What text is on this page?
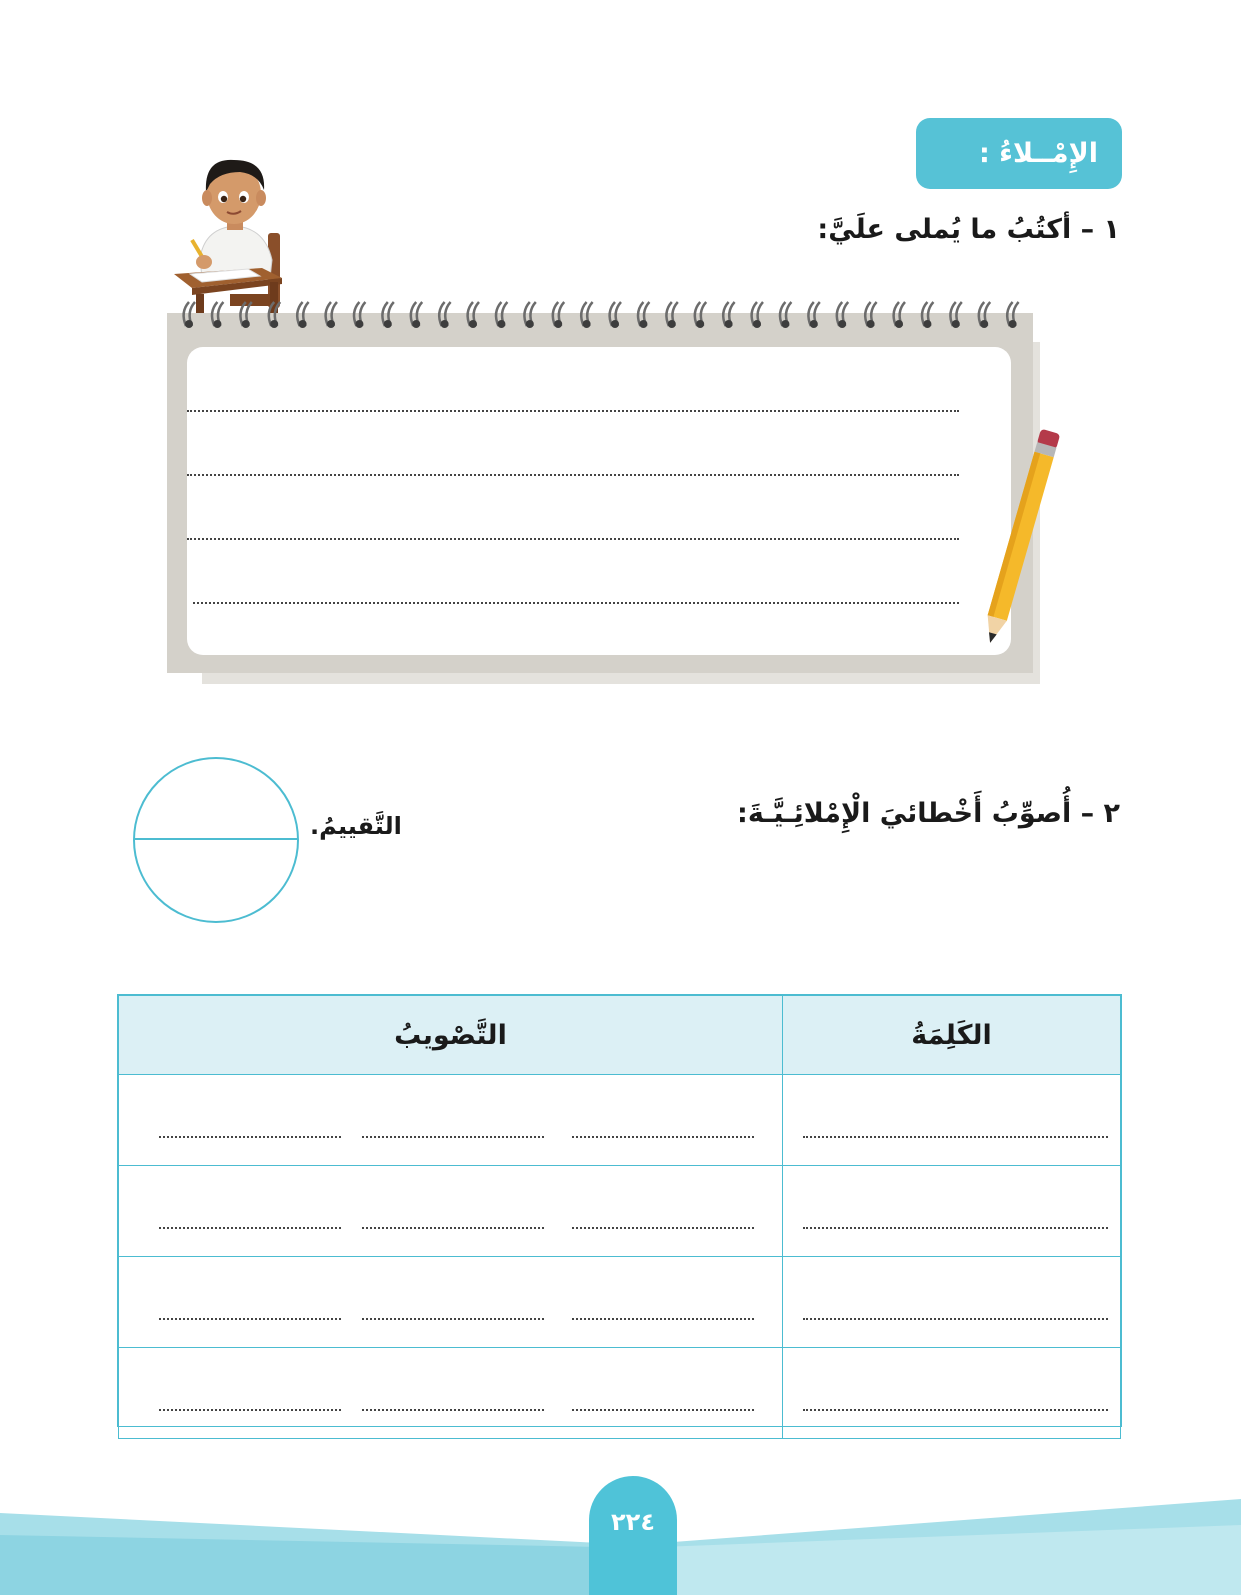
الإِمْــلاءُ :
١ – أكتُبُ ما يُملى علَيَّ:
٢ – أُصوِّبُ أَخْطائيَ الْإِمْلائِـيَّـةَ:
التَّقييمُ.
الكَلِمَةُ	التَّصْويبُ

٢٢٤
